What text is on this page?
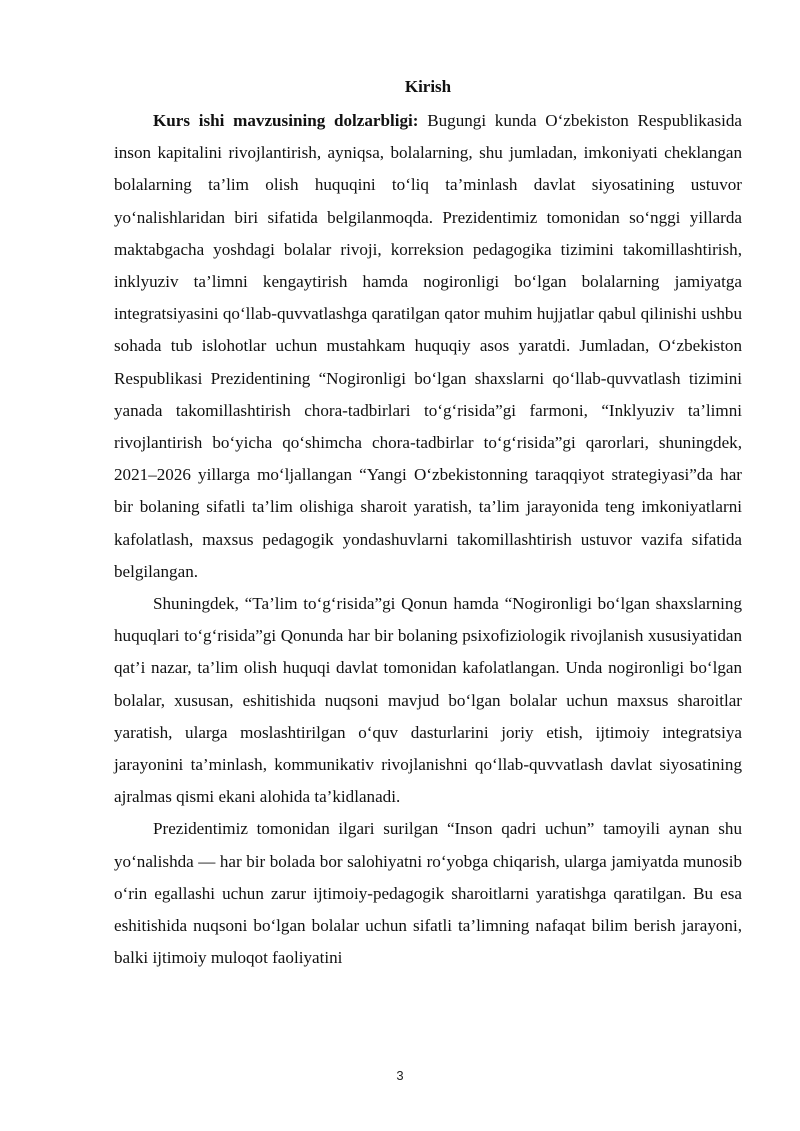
Kirish

Kurs ishi mavzusining dolzarbligi: Bugungi kunda O‘zbekiston Respublikasida inson kapitalini rivojlantirish, ayniqsa, bolalarning, shu jumladan, imkoniyati cheklangan bolalarning ta’lim olish huquqini to‘liq ta’minlash davlat siyosatining ustuvor yo‘nalishlaridan biri sifatida belgilanmoqda. Prezidentimiz tomonidan so‘nggi yillarda maktabgacha yoshdagi bolalar rivoji, korreksion pedagogika tizimini takomillashtirish, inklyuziv ta’limni kengaytirish hamda nogironligi bo‘lgan bolalarning jamiyatga integratsiyasini qo‘llab-quvvatlashga qaratilgan qator muhim hujjatlar qabul qilinishi ushbu sohada tub islohotlar uchun mustahkam huquqiy asos yaratdi. Jumladan, O‘zbekiston Respublikasi Prezidentining “Nogironligi bo‘lgan shaxslarni qo‘llab-quvvatlash tizimini yanada takomillashtirish chora-tadbirlari to‘g‘risida”gi farmoni, “Inklyuziv ta’limni rivojlantirish bo‘yicha qo‘shimcha chora-tadbirlar to‘g‘risida”gi qarorlari, shuningdek, 2021–2026 yillarga mo‘ljallangan “Yangi O‘zbekistonning taraqqiyot strategiyasi”da har bir bolaning sifatli ta’lim olishiga sharoit yaratish, ta’lim jarayonida teng imkoniyatlarni kafolatlash, maxsus pedagogik yondashuvlarni takomillashtirish ustuvor vazifa sifatida belgilangan.

Shuningdek, “Ta’lim to‘g‘risida”gi Qonun hamda “Nogironligi bo‘lgan shaxslarning huquqlari to‘g‘risida”gi Qonunda har bir bolaning psixofiziologik rivojlanish xususiyatidan qat’i nazar, ta’lim olish huquqi davlat tomonidan kafolatlangan. Unda nogironligi bo‘lgan bolalar, xususan, eshitishida nuqsoni mavjud bo‘lgan bolalar uchun maxsus sharoitlar yaratish, ularga moslashtirilgan o‘quv dasturlarini joriy etish, ijtimoiy integratsiya jarayonini ta’minlash, kommunikativ rivojlanishni qo‘llab-quvvatlash davlat siyosatining ajralmas qismi ekani alohida ta’kidlanadi.

Prezidentimiz tomonidan ilgari surilgan “Inson qadri uchun” tamoyili aynan shu yo‘nalishda — har bir bolada bor salohiyatni ro‘yobga chiqarish, ularga jamiyatda munosib o‘rin egallashi uchun zarur ijtimoiy-pedagogik sharoitlarni yaratishga qaratilgan. Bu esa eshitishida nuqsoni bo‘lgan bolalar uchun sifatli ta’limning nafaqat bilim berish jarayoni, balki ijtimoiy muloqot faoliyatini

3
